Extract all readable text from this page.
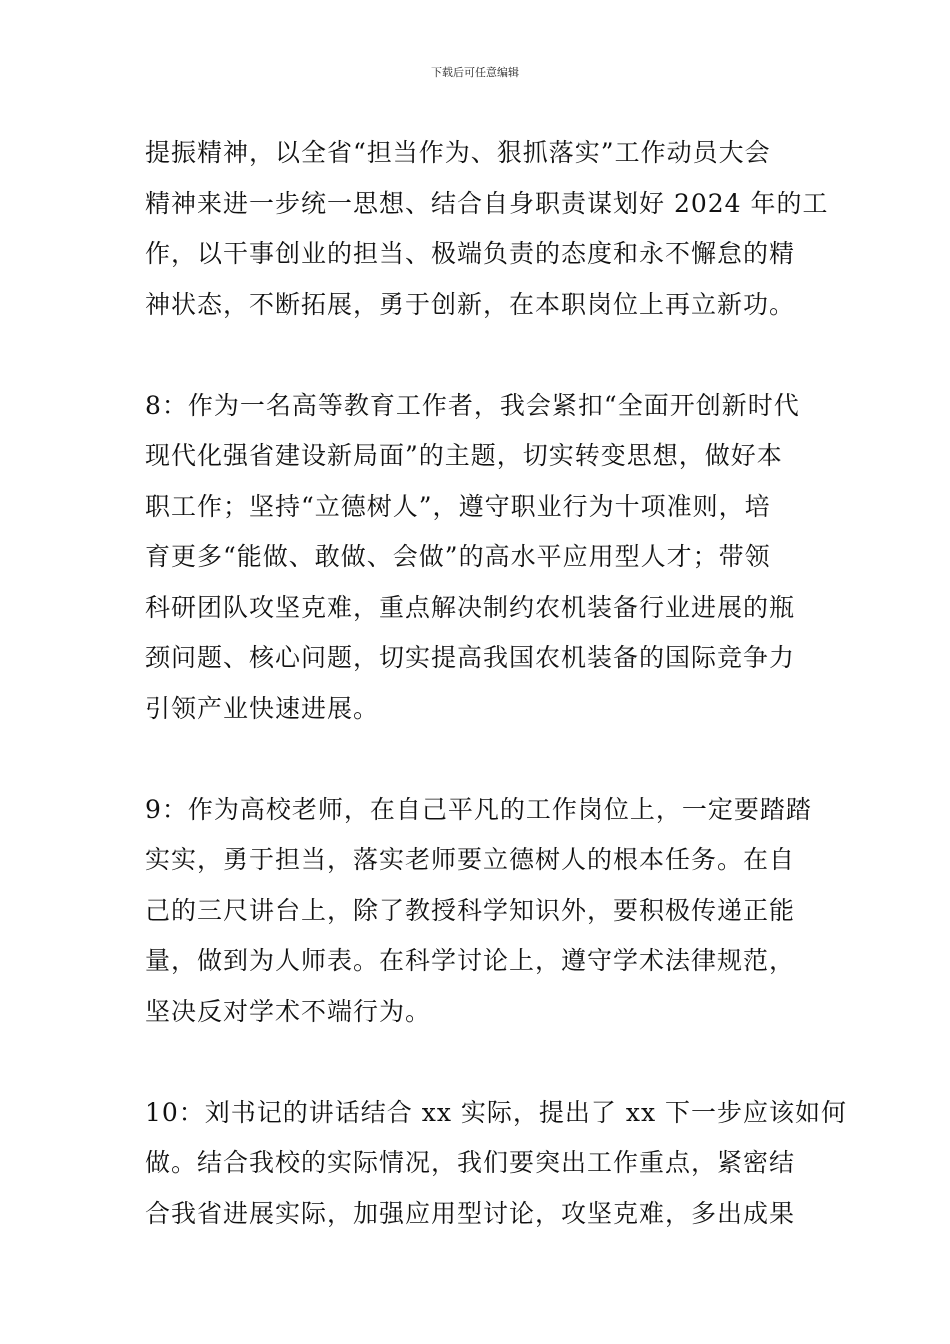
下载后可任意编辑
提振精神，以全省“担当作为、狠抓落实”工作动员大会
精神来进一步统一思想、结合自身职责谋划好 2024 年的工
作，以干事创业的担当、极端负责的态度和永不懈怠的精
神状态，不断拓展，勇于创新，在本职岗位上再立新功。
8：作为一名高等教育工作者，我会紧扣“全面开创新时代
现代化强省建设新局面”的主题，切实转变思想，做好本
职工作；坚持“立德树人”，遵守职业行为十项准则，培
育更多“能做、敢做、会做”的高水平应用型人才；带领
科研团队攻坚克难，重点解决制约农机装备行业进展的瓶
颈问题、核心问题，切实提高我国农机装备的国际竞争力
引领产业快速进展。
9：作为高校老师，在自己平凡的工作岗位上，一定要踏踏
实实，勇于担当，落实老师要立德树人的根本任务。在自
己的三尺讲台上，除了教授科学知识外，要积极传递正能
量，做到为人师表。在科学讨论上，遵守学术法律规范，
坚决反对学术不端行为。
10：刘书记的讲话结合 xx 实际，提出了 xx 下一步应该如何
做。结合我校的实际情况，我们要突出工作重点，紧密结
合我省进展实际，加强应用型讨论，攻坚克难，多出成果
